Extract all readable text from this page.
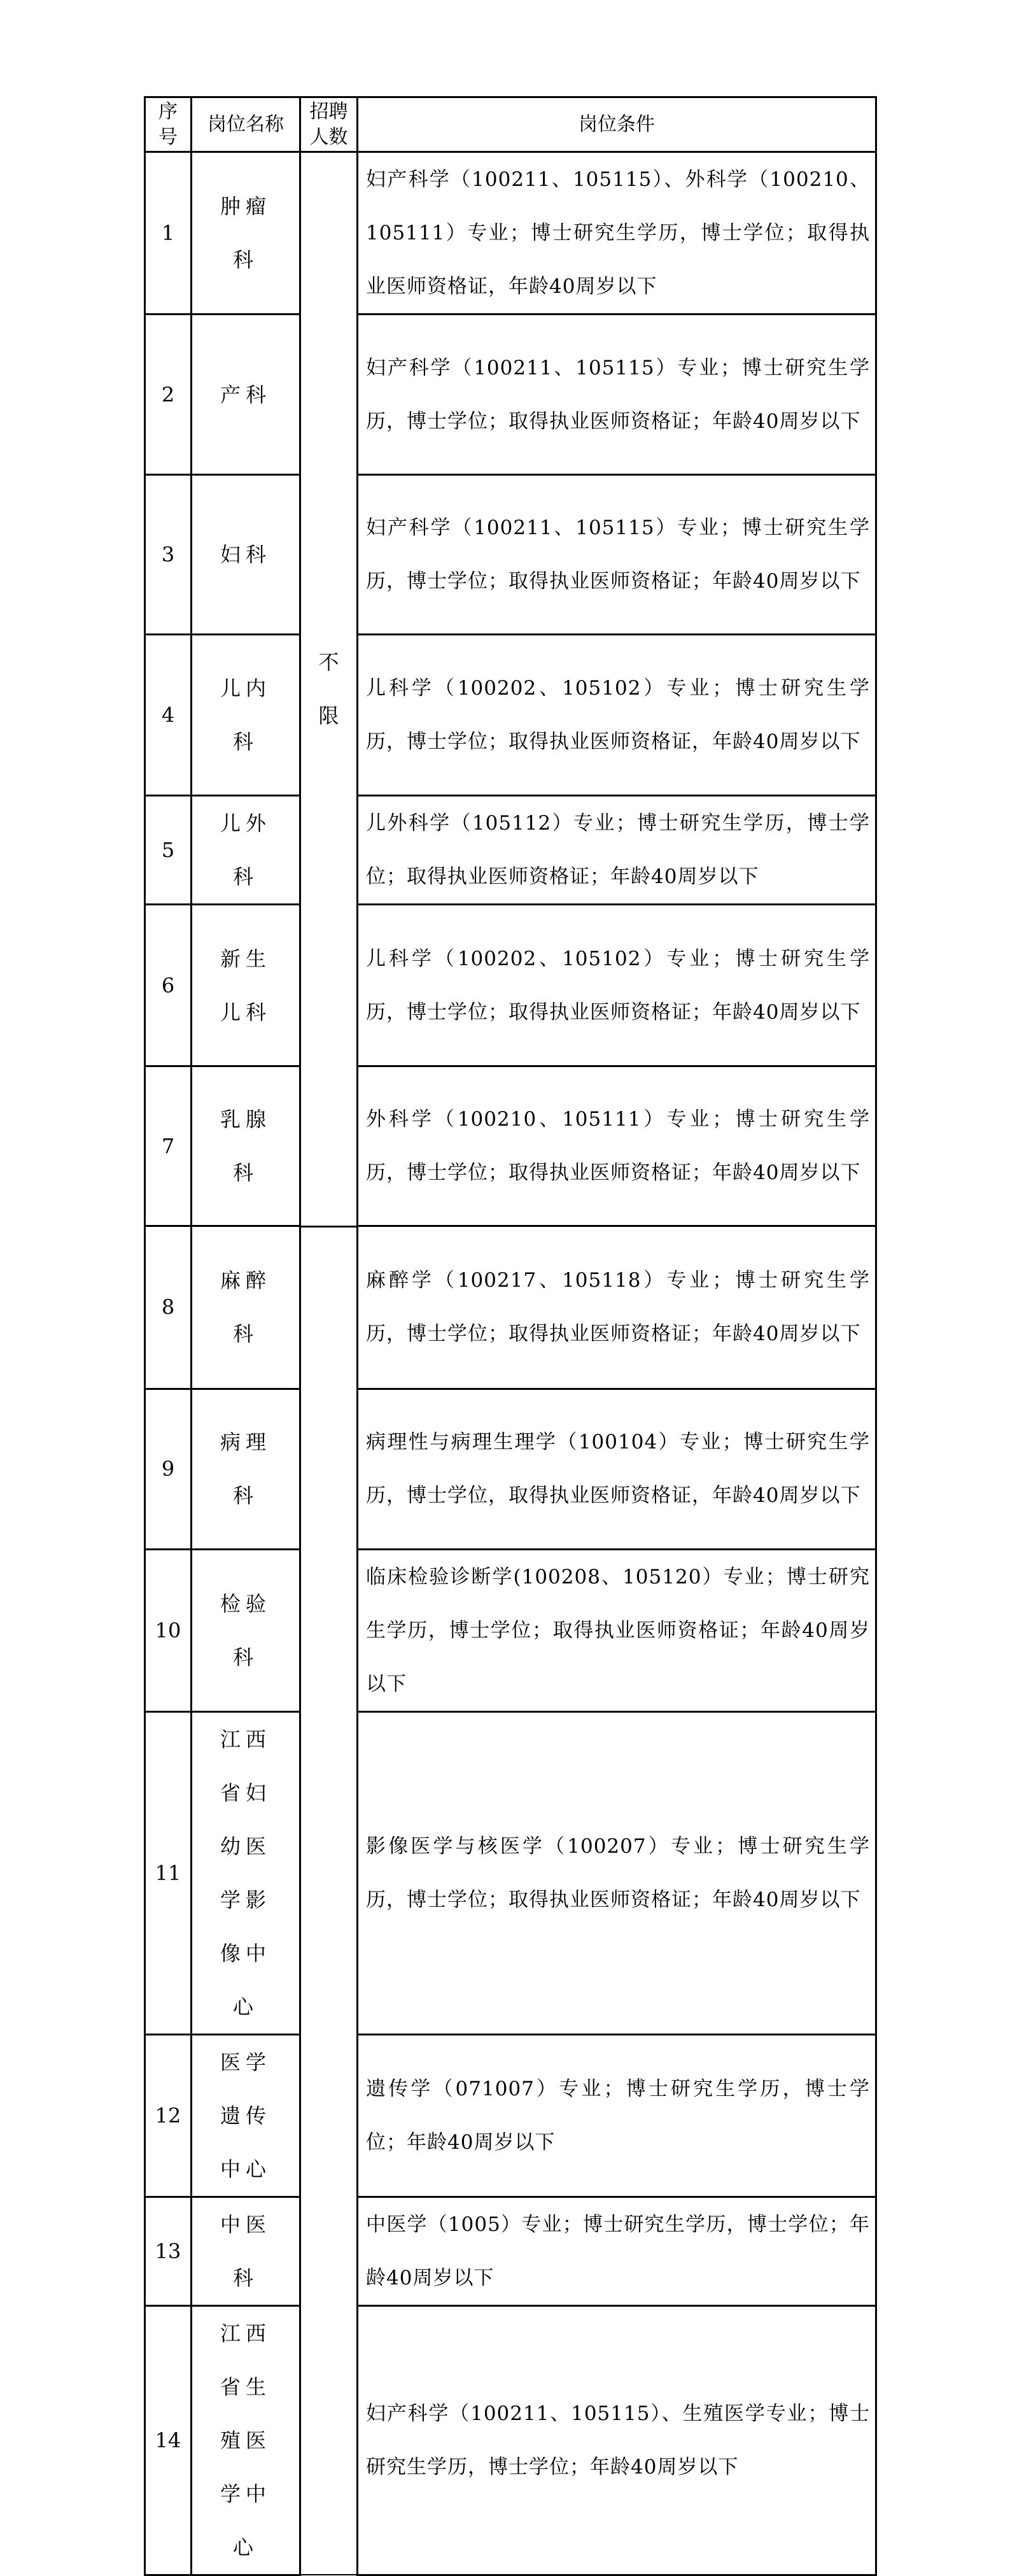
序号	岗位名称	招聘人数	岗位条件
1	肿瘤科	不限	妇产科学（100211、105115）、外科学（100210、105111）专业；博士研究生学历，博士学位；取得执业医师资格证，年龄40周岁以下
2	产科		妇产科学（100211、105115）专业；博士研究生学历，博士学位；取得执业医师资格证；年龄40周岁以下
3	妇科		妇产科学（100211、105115）专业；博士研究生学历，博士学位；取得执业医师资格证；年龄40周岁以下
4	儿内科		儿科学（100202、105102）专业；博士研究生学历，博士学位；取得执业医师资格证，年龄40周岁以下
5	儿外科		儿外科学（105112）专业；博士研究生学历，博士学位；取得执业医师资格证；年龄40周岁以下
6	新生儿科		儿科学（100202、105102）专业；博士研究生学历，博士学位；取得执业医师资格证；年龄40周岁以下
7	乳腺科		外科学（100210、105111）专业；博士研究生学历，博士学位；取得执业医师资格证；年龄40周岁以下
8	麻醉科		麻醉学（100217、105118）专业；博士研究生学历，博士学位；取得执业医师资格证；年龄40周岁以下
9	病理科		病理性与病理生理学（100104）专业；博士研究生学历，博士学位，取得执业医师资格证，年龄40周岁以下
10	检验科		临床检验诊断学(100208、105120）专业；博士研究生学历，博士学位；取得执业医师资格证；年龄40周岁以下
11	江西省妇幼医学影像中心		影像医学与核医学（100207）专业；博士研究生学历，博士学位；取得执业医师资格证；年龄40周岁以下
12	医学遗传中心		遗传学（071007）专业；博士研究生学历，博士学位；年龄40周岁以下
13	中医科		中医学（1005）专业；博士研究生学历，博士学位；年龄40周岁以下
14	江西省生殖医学中心		妇产科学（100211、105115）、生殖医学专业；博士研究生学历，博士学位；年龄40周岁以下
